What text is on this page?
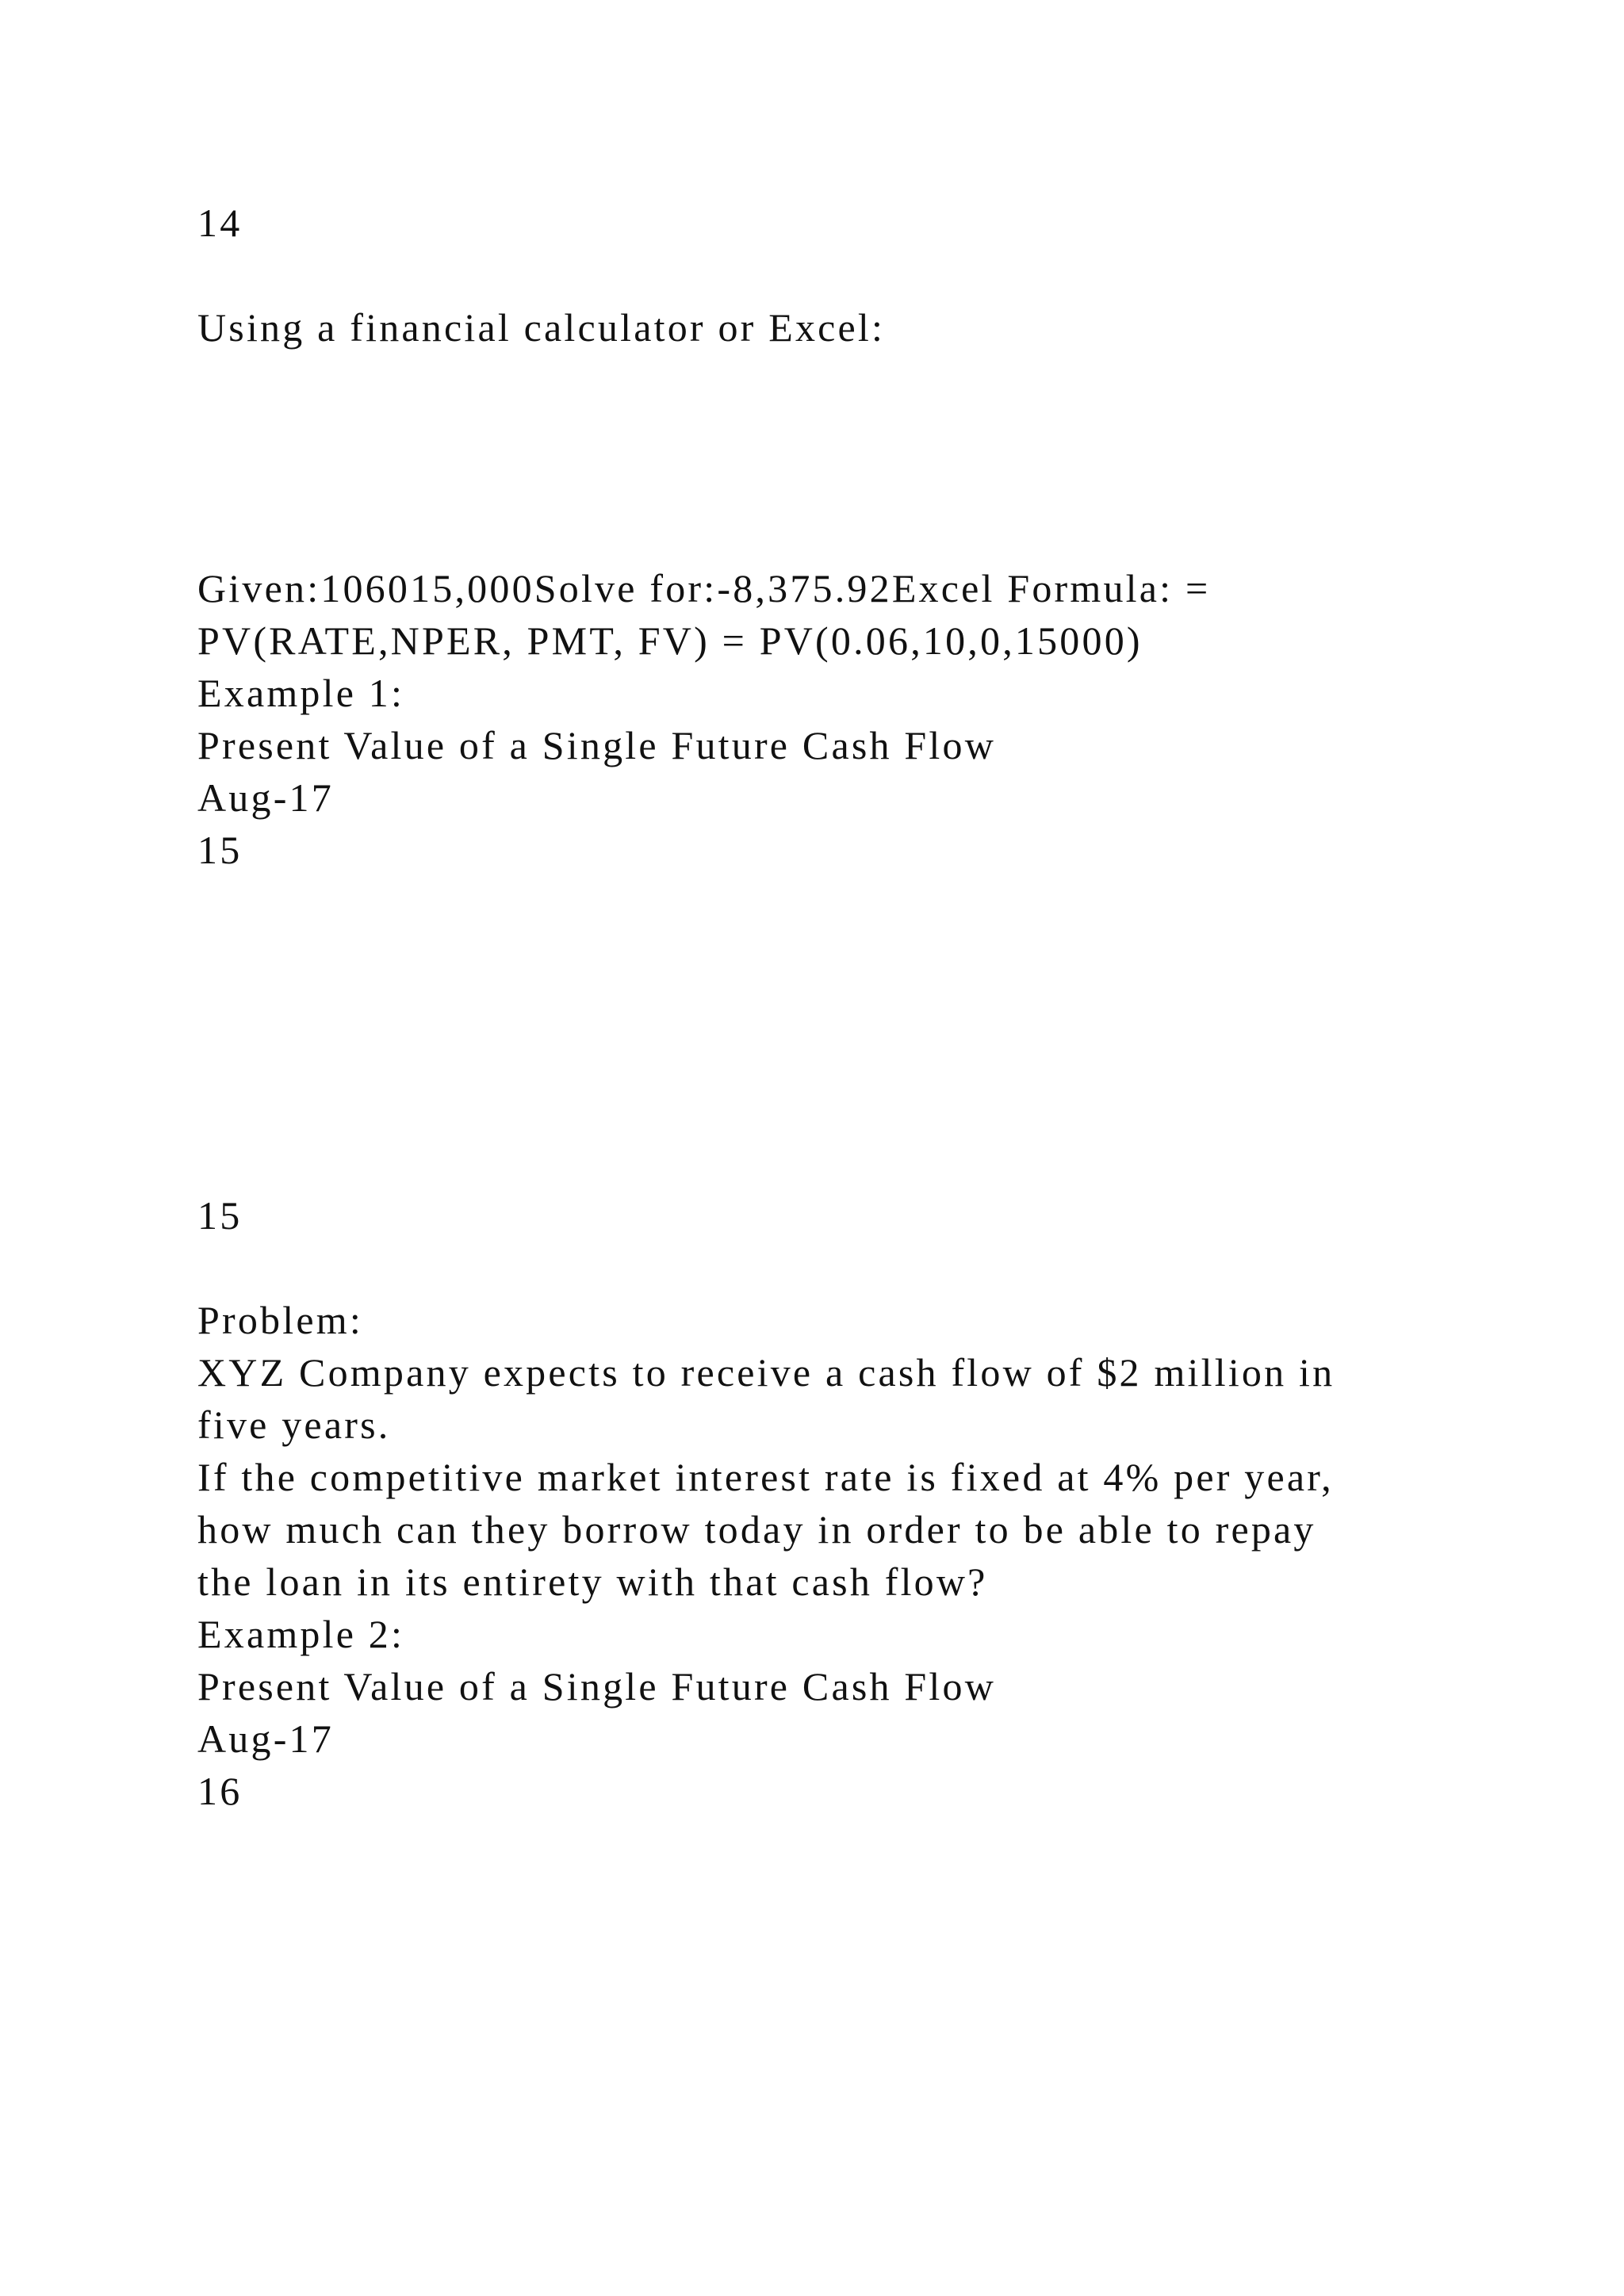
14

Using a financial calculator or Excel:

Given:106015,000Solve for:-8,375.92Excel Formula: =

PV(RATE,NPER, PMT, FV) = PV(0.06,10,0,15000)

Example 1:

Present Value of a Single Future Cash Flow

Aug-17

15

15

Problem:

XYZ Company expects to receive a cash flow of $2 million in

five years.

If the competitive market interest rate is fixed at 4% per year,

how much can they borrow today in order to be able to repay

the loan in its entirety with that cash flow?

Example 2:

Present Value of a Single Future Cash Flow

Aug-17

16
